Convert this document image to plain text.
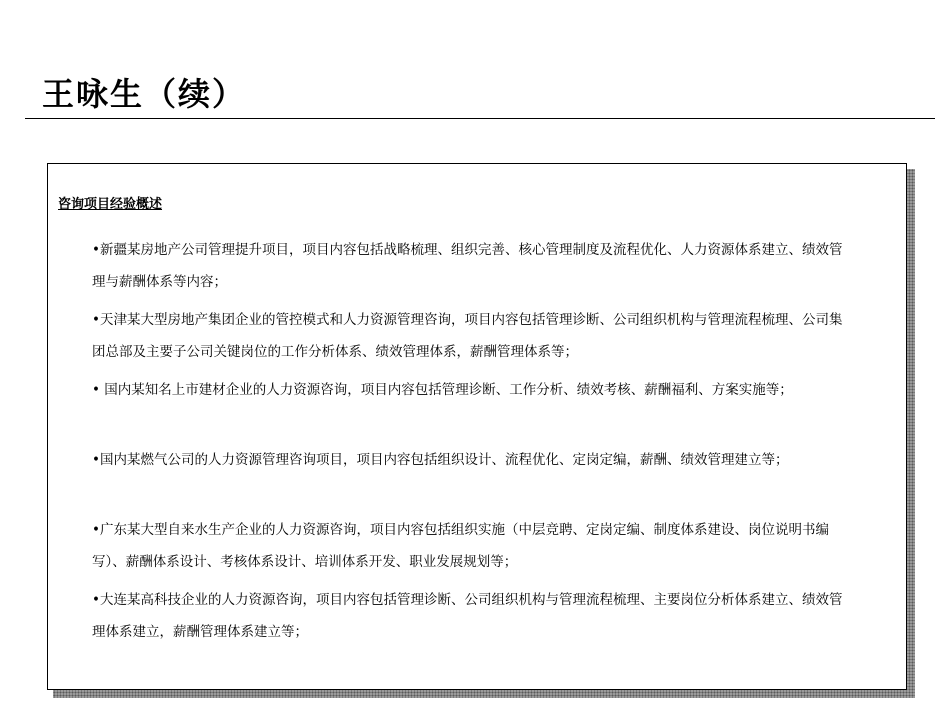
王咏生（续）
咨询项目经验概述
•新疆某房地产公司管理提升项目，项目内容包括战略梳理、组织完善、核心管理制度及流程优化、人力资源体系建立、绩效管理与薪酬体系等内容；
•天津某大型房地产集团企业的管控模式和人力资源管理咨询，项目内容包括管理诊断、公司组织机构与管理流程梳理、公司集团总部及主要子公司关键岗位的工作分析体系、绩效管理体系，薪酬管理体系等；
• 国内某知名上市建材企业的人力资源咨询，项目内容包括管理诊断、工作分析、绩效考核、薪酬福利、方案实施等；
•国内某燃气公司的人力资源管理咨询项目，项目内容包括组织设计、流程优化、定岗定编，薪酬、绩效管理建立等；
•广东某大型自来水生产企业的人力资源咨询，项目内容包括组织实施（中层竞聘、定岗定编、制度体系建设、岗位说明书编写）、薪酬体系设计、考核体系设计、培训体系开发、职业发展规划等；
•大连某高科技企业的人力资源咨询，项目内容包括管理诊断、公司组织机构与管理流程梳理、主要岗位分析体系建立、绩效管理体系建立，薪酬管理体系建立等；
